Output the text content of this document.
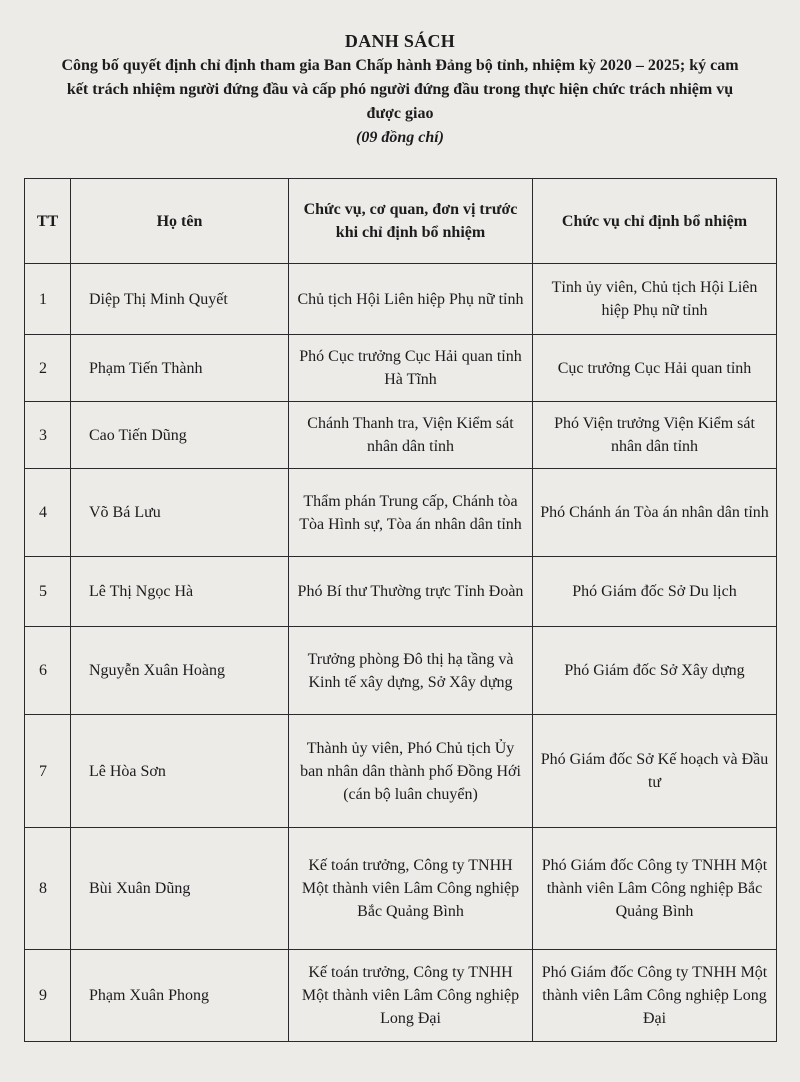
DANH SÁCH
Công bố quyết định chỉ định tham gia Ban Chấp hành Đảng bộ tỉnh, nhiệm kỳ 2020 – 2025; ký cam kết trách nhiệm người đứng đầu và cấp phó người đứng đầu trong thực hiện chức trách nhiệm vụ được giao
(09 đồng chí)
TT	Họ tên	Chức vụ, cơ quan, đơn vị trước khi chỉ định bổ nhiệm	Chức vụ chỉ định bổ nhiệm
1	Diệp Thị Minh Quyết	Chủ tịch Hội Liên hiệp Phụ nữ tỉnh	Tỉnh ủy viên, Chủ tịch Hội Liên hiệp Phụ nữ tỉnh
2	Phạm Tiến Thành	Phó Cục trưởng Cục Hải quan tỉnh Hà Tĩnh	Cục trưởng Cục Hải quan tỉnh
3	Cao Tiến Dũng	Chánh Thanh tra, Viện Kiểm sát nhân dân tỉnh	Phó Viện trưởng Viện Kiểm sát nhân dân tỉnh
4	Võ Bá Lưu	Thẩm phán Trung cấp, Chánh tòa Tòa Hình sự, Tòa án nhân dân tỉnh	Phó Chánh án Tòa án nhân dân tỉnh
5	Lê Thị Ngọc Hà	Phó Bí thư Thường trực Tỉnh Đoàn	Phó Giám đốc Sở Du lịch
6	Nguyễn Xuân Hoàng	Trưởng phòng Đô thị hạ tầng và Kinh tế xây dựng, Sở Xây dựng	Phó Giám đốc Sở Xây dựng
7	Lê Hòa Sơn	Thành ủy viên, Phó Chủ tịch Ủy ban nhân dân thành phố Đồng Hới (cán bộ luân chuyển)	Phó Giám đốc Sở Kế hoạch và Đầu tư
8	Bùi Xuân Dũng	Kế toán trưởng, Công ty TNHH Một thành viên Lâm Công nghiệp Bắc Quảng Bình	Phó Giám đốc Công ty TNHH Một thành viên Lâm Công nghiệp Bắc Quảng Bình
9	Phạm Xuân Phong	Kế toán trưởng, Công ty TNHH Một thành viên Lâm Công nghiệp Long Đại	Phó Giám đốc Công ty TNHH Một thành viên Lâm Công nghiệp Long Đại
